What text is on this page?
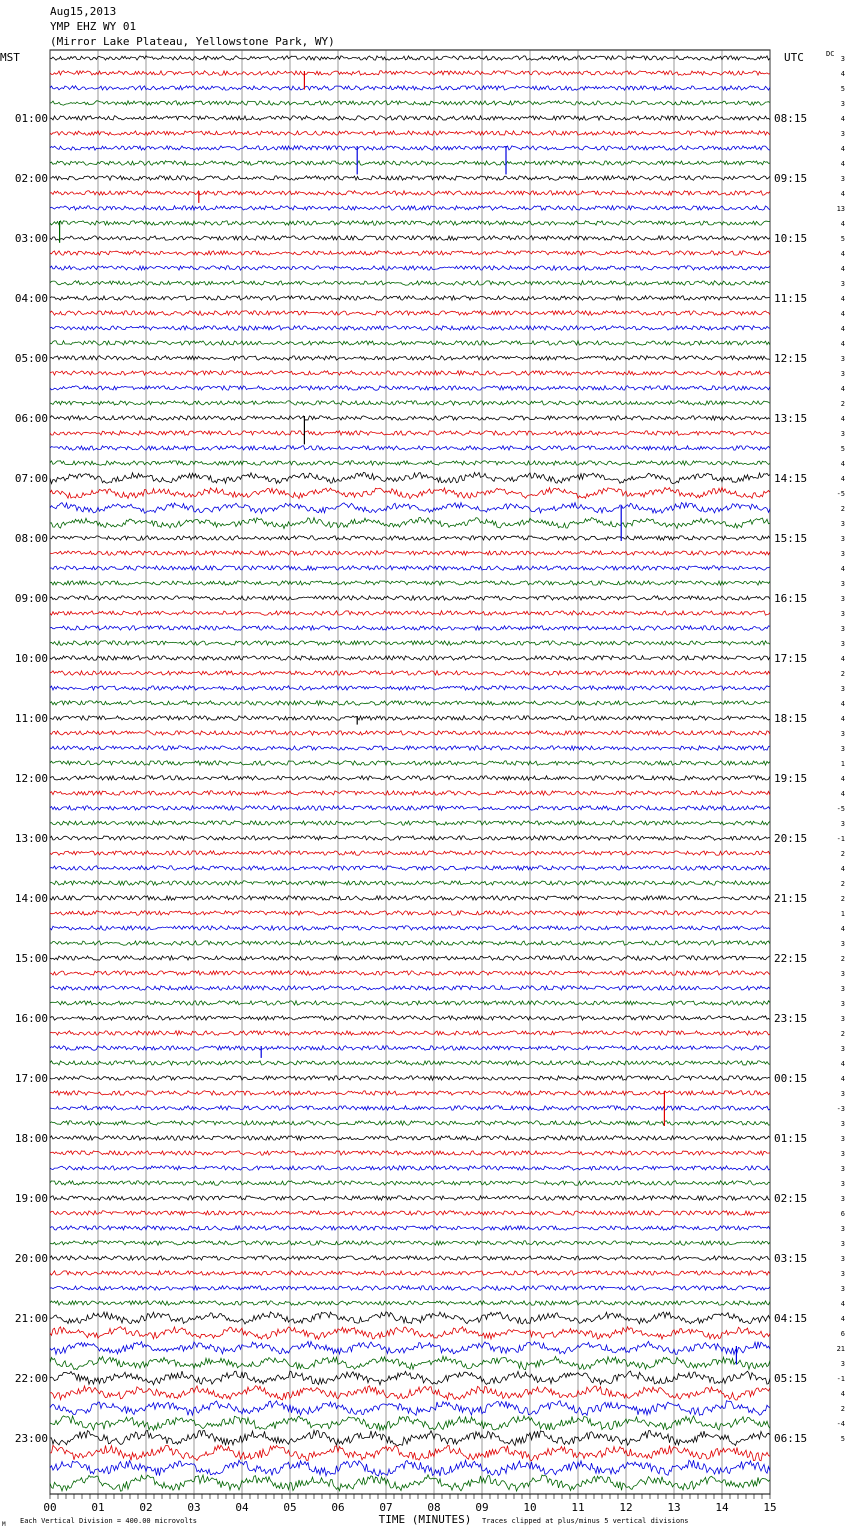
Aug15,2013
YMP EHZ WY 01
(Mirror Lake Plateau, Yellowstone Park, WY)
MST	UTC	DC
TIME (MINUTES)
Each Vertical Division = 400.00 microvolts	Traces clipped at plus/minus 5 vertical divisions
M
00	01	02	03	04	05	06	07	08	09	10	11	12	13	14	15
3
4
5
3
4
3
4
4
3
4
13
4
5
4
4
3
4
4
4
4
3
3
4
2
4
3
5
4
4
-5
2
3
3
3
4
3
3
3
3
3
4
2
3
4
4
3
3
1
4
4
-5
3
-1
2
4
2
2
1
4
3
2
3
3
3
3
2
3
4
4
3
-3
3
3
3
3
3
3
6
3
3
3
3
3
4
4
6
21
3
-1
4
2
-4
5
01:00	08:15
02:00	09:15
03:00	10:15
04:00	11:15
05:00	12:15
06:00	13:15
07:00	14:15
08:00	15:15
09:00	16:15
10:00	17:15
11:00	18:15
12:00	19:15
13:00	20:15
14:00	21:15
15:00	22:15
16:00	23:15
17:00	00:15
18:00	01:15
19:00	02:15
20:00	03:15
21:00	04:15
22:00	05:15
23:00	06:15
